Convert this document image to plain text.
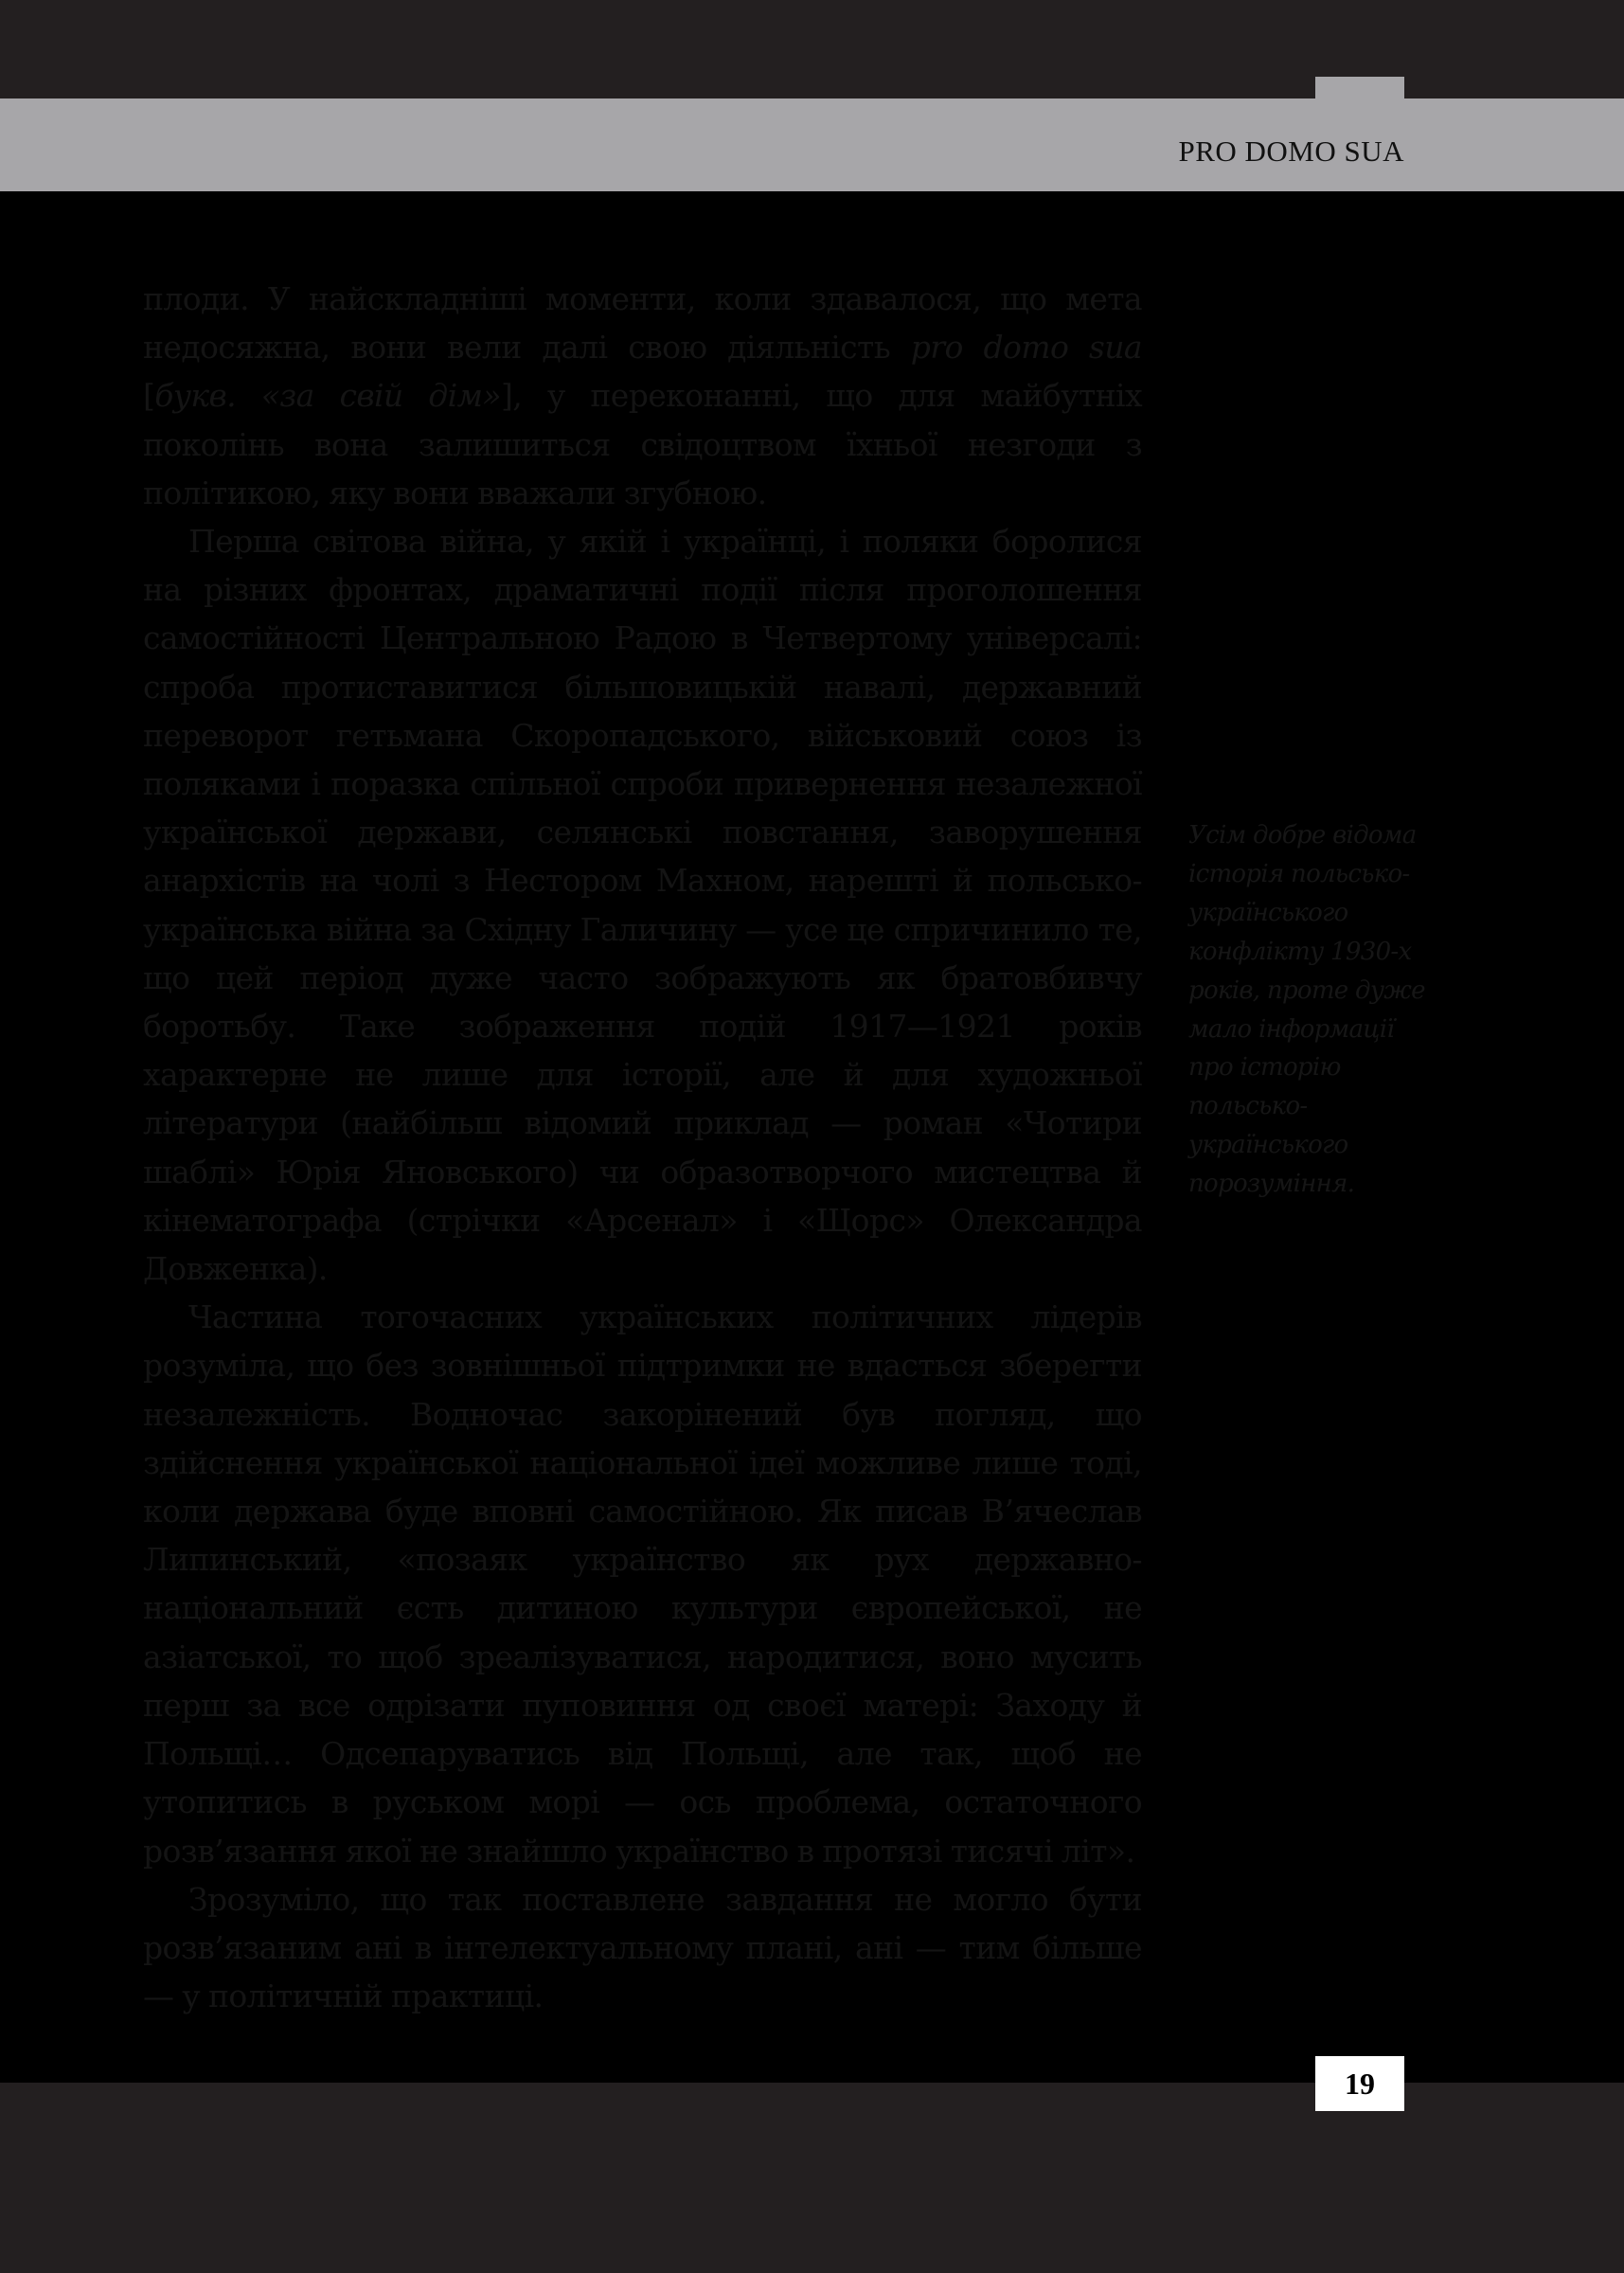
PRO DOMO SUA

плоди. У найскладніші моменти, коли здавалося, що мета недосяжна, вони вели далі свою діяльність pro domo sua [букв. «за свій дім»], у переконанні, що для майбутніх поколінь вона залишиться свідоцтвом їхньої незгоди з політикою, яку вони вважали згубною.

Перша світова війна, у якій і українці, і поляки боролися на різних фронтах, драматичні події після проголошення самостійності Центральною Радою в Четвертому універсалі: спроба протиставитися більшовицькій навалі, державний переворот гетьмана Скоропадського, військовий союз із поляками і поразка спільної спроби привернення незалежної української держави, селянські повстання, заворушення анархістів на чолі з Нестором Махном, нарешті й польсько-українська війна за Східну Галичину — усе це спричинило те, що цей період дуже часто зображують як братовбивчу боротьбу. Таке зображення подій 1917—1921 років характерне не лише для історії, але й для художньої літератури (найбільш відомий приклад — роман «Чотири шаблі» Юрія Яновського) чи образотворчого мистецтва й кінематографа (стрічки «Арсенал» і «Щорс» Олександра Довженка).

Частина тогочасних українських політичних лідерів розуміла, що без зовнішньої підтримки не вдасться зберегти незалежність. Водночас закорінений був погляд, що здійснення української національної ідеї можливе лише тоді, коли держава буде вповні самостійною. Як писав В’ячеслав Липинський, «позаяк українство як рух державно-національний єсть дитиною культури європейської, не азіатської, то щоб зреалізуватися, народитися, воно мусить перш за все одрізати пуповиння од своєї матері: Заходу й Польщі… Одсепаруватись від Польщі, але так, щоб не утопитись в руськом морі — ось проблема, остаточного розв’язання якої не знайшло українство в протязі тисячі літ».

Зрозуміло, що так поставлене завдання не могло бути розв’язаним ані в інтелектуальному плані, ані — тим більше — у політичній практиці.

Усім добре відома
історія польсько-
українського
конфлікту 1930-х
років, проте дуже
мало інформації
про історію
польсько-
українського
порозуміння.
19
